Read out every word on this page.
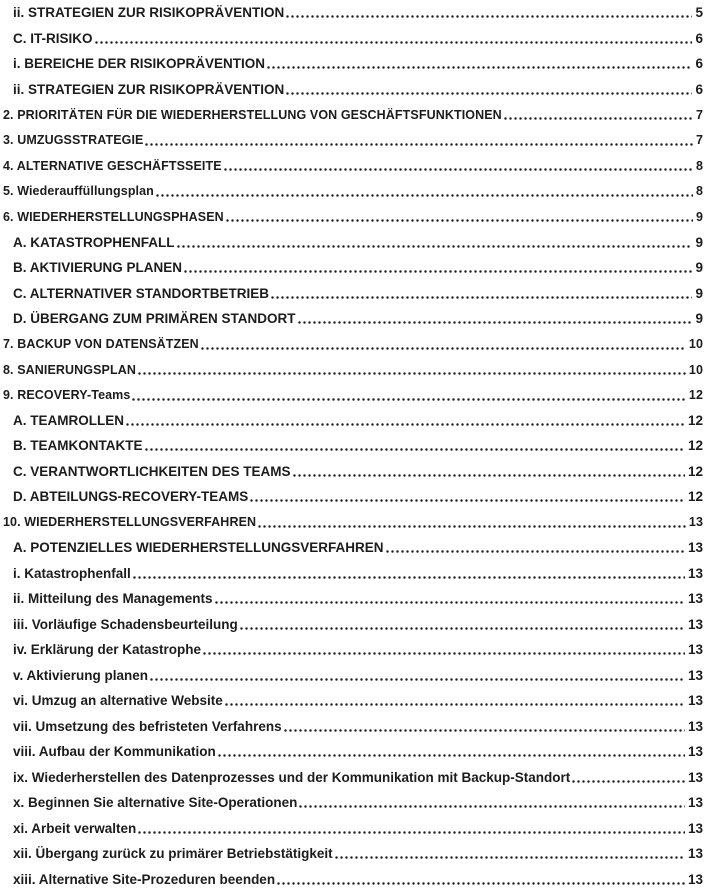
ii. STRATEGIEN ZUR RISIKOPRÄVENTION	5
C. IT-RISIKO	6
i. BEREICHE DER RISIKOPRÄVENTION	6
ii. STRATEGIEN ZUR RISIKOPRÄVENTION	6
2. PRIORITÄTEN FÜR DIE WIEDERHERSTELLUNG VON GESCHÄFTSFUNKTIONEN	7
3. UMZUGSSTRATEGIE	7
4. ALTERNATIVE GESCHÄFTSSEITE	8
5. Wiederauffüllungsplan	8
6. WIEDERHERSTELLUNGSPHASEN	9
A. KATASTROPHENFALL	9
B. AKTIVIERUNG PLANEN	9
C. ALTERNATIVER STANDORTBETRIEB	9
D. ÜBERGANG ZUM PRIMÄREN STANDORT	9
7. BACKUP VON DATENSÄTZEN	10
8. SANIERUNGSPLAN	10
9. RECOVERY-Teams	12
A. TEAMROLLEN	12
B. TEAMKONTAKTE	12
C. VERANTWORTLICHKEITEN DES TEAMS	12
D. ABTEILUNGS-RECOVERY-TEAMS	12
10. WIEDERHERSTELLUNGSVERFAHREN	13
A. POTENZIELLES WIEDERHERSTELLUNGSVERFAHREN	13
i. Katastrophenfall	13
ii. Mitteilung des Managements	13
iii. Vorläufige Schadensbeurteilung	13
iv. Erklärung der Katastrophe	13
v. Aktivierung planen	13
vi. Umzug an alternative Website	13
vii. Umsetzung des befristeten Verfahrens	13
viii. Aufbau der Kommunikation	13
ix. Wiederherstellen des Datenprozesses und der Kommunikation mit Backup-Standort	13
x. Beginnen Sie alternative Site-Operationen	13
xi. Arbeit verwalten	13
xii. Übergang zurück zu primärer Betriebstätigkeit	13
xiii. Alternative Site-Prozeduren beenden	13
